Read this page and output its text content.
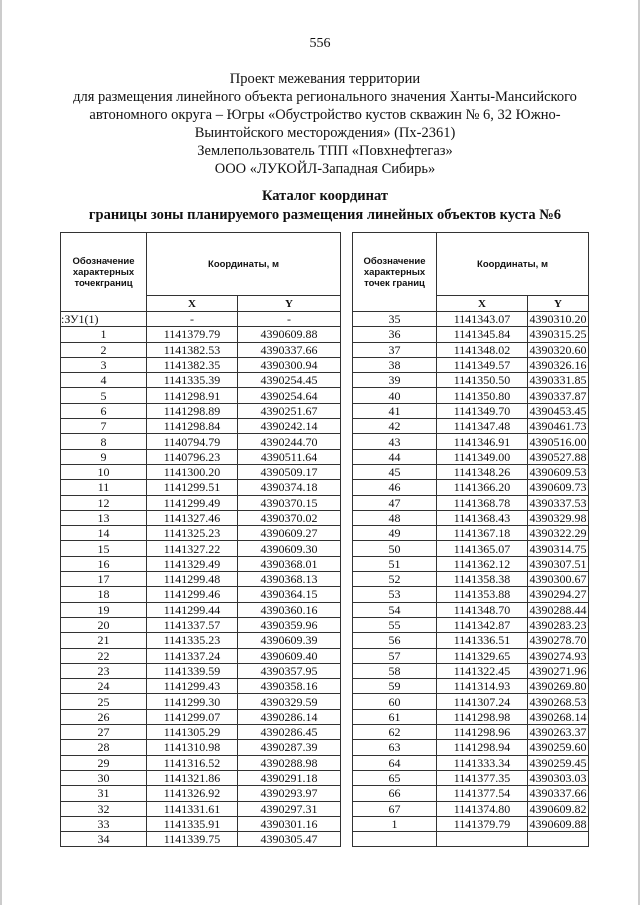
556
Проект межевания территории
для размещения линейного объекта регионального значения Ханты-Мансийского
автономного округа – Югры «Обустройство кустов скважин № 6, 32 Южно-
Выинтойского месторождения» (Пх-2361)
Землепользователь ТПП «Повхнефтегаз»
ООО «ЛУКОЙЛ-Западная Сибирь»
Каталог координат
границы зоны планируемого размещения линейных объектов куста №6
Обозначение характерных точекграниц	Координаты, м	
	X	Y
:ЗУ1(1)	-	-
1	1141379.79	4390609.88
2	1141382.53	4390337.66
3	1141382.35	4390300.94
4	1141335.39	4390254.45
5	1141298.91	4390254.64
6	1141298.89	4390251.67
7	1141298.84	4390242.14
8	1140794.79	4390244.70
9	1140796.23	4390511.64
10	1141300.20	4390509.17
11	1141299.51	4390374.18
12	1141299.49	4390370.15
13	1141327.46	4390370.02
14	1141325.23	4390609.27
15	1141327.22	4390609.30
16	1141329.49	4390368.01
17	1141299.48	4390368.13
18	1141299.46	4390364.15
19	1141299.44	4390360.16
20	1141337.57	4390359.96
21	1141335.23	4390609.39
22	1141337.24	4390609.40
23	1141339.59	4390357.95
24	1141299.43	4390358.16
25	1141299.30	4390329.59
26	1141299.07	4390286.14
27	1141305.29	4390286.45
28	1141310.98	4390287.39
29	1141316.52	4390288.98
30	1141321.86	4390291.18
31	1141326.92	4390293.97
32	1141331.61	4390297.31
33	1141335.91	4390301.16
34	1141339.75	4390305.47
Обозначение характерных точек границ	Координаты, м	
	X	Y
35	1141343.07	4390310.20
36	1141345.84	4390315.25
37	1141348.02	4390320.60
38	1141349.57	4390326.16
39	1141350.50	4390331.85
40	1141350.80	4390337.87
41	1141349.70	4390453.45
42	1141347.48	4390461.73
43	1141346.91	4390516.00
44	1141349.00	4390527.88
45	1141348.26	4390609.53
46	1141366.20	4390609.73
47	1141368.78	4390337.53
48	1141368.43	4390329.98
49	1141367.18	4390322.29
50	1141365.07	4390314.75
51	1141362.12	4390307.51
52	1141358.38	4390300.67
53	1141353.88	4390294.27
54	1141348.70	4390288.44
55	1141342.87	4390283.23
56	1141336.51	4390278.70
57	1141329.65	4390274.93
58	1141322.45	4390271.96
59	1141314.93	4390269.80
60	1141307.24	4390268.53
61	1141298.98	4390268.14
62	1141298.96	4390263.37
63	1141298.94	4390259.60
64	1141333.34	4390259.45
65	1141377.35	4390303.03
66	1141377.54	4390337.66
67	1141374.80	4390609.82
1	1141379.79	4390609.88
